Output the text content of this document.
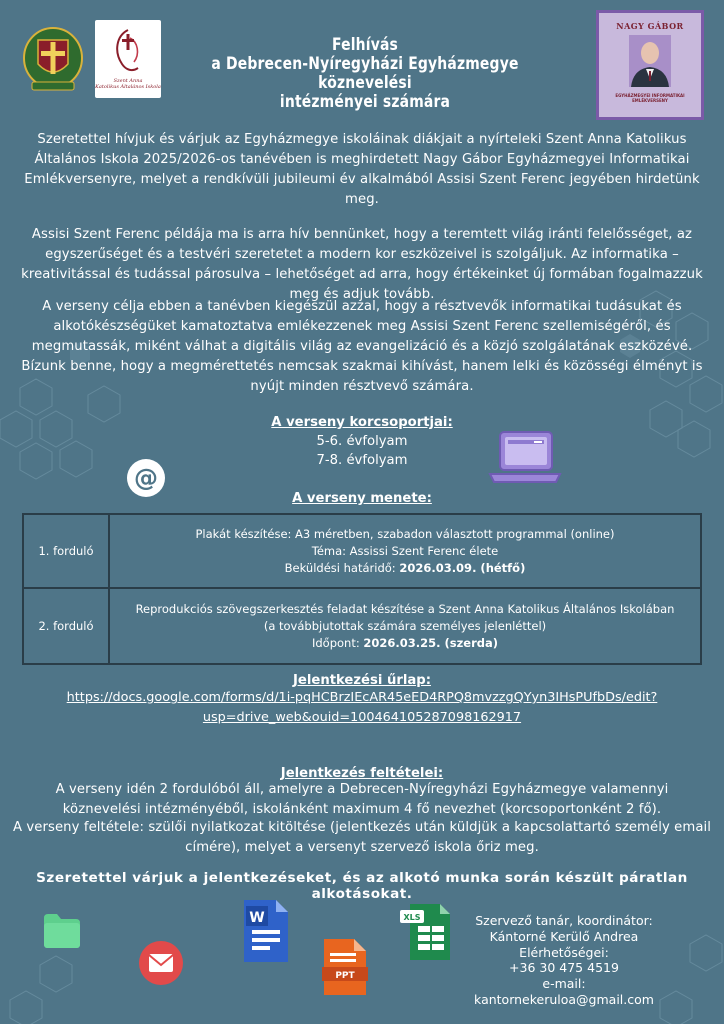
Szent Anna
Katolikus Általános Iskola
Felhívás
a Debrecen-Nyíregyházi Egyházmegye köznevelési
intézményei számára
NAGY GÁBOR
EGYHÁZMEGYEI INFORMATIKAI
EMLÉKVERSENY
Szeretettel hívjuk és várjuk az Egyházmegye iskoláinak diákjait a nyírteleki Szent Anna Katolikus Általános Iskola 2025/2026-os tanévében is meghirdetett Nagy Gábor Egyházmegyei Informatikai Emlékversenyre, melyet a rendkívüli jubileumi év alkalmából Assisi Szent Ferenc jegyében hirdetünk meg.
Assisi Szent Ferenc példája ma is arra hív bennünket, hogy a teremtett világ iránti felelősséget, az egyszerűséget és a testvéri szeretetet a modern kor eszközeivel is szolgáljuk. Az informatika – kreativitással és tudással párosulva – lehetőséget ad arra, hogy értékeinket új formában fogalmazzuk meg és adjuk tovább.
A verseny célja ebben a tanévben kiegészül azzal, hogy a résztvevők informatikai tudásukat és alkotókészségüket kamatoztatva emlékezzenek meg Assisi Szent Ferenc szellemiségéről, és megmutassák, miként válhat a digitális világ az evangelizáció és a közjó szolgálatának eszközévé. Bízunk benne, hogy a megmérettetés nemcsak szakmai kihívást, hanem lelki és közösségi élményt is nyújt minden résztvevő számára.
A verseny korcsoportjai:
5-6. évfolyam
7-8. évfolyam
@
A verseny menete:
1. forduló	Plakát készítése: A3 méretben, szabadon választott programmal (online)
Téma: Assissi Szent Ferenc élete
Beküldési határidő: 2026.03.09. (hétfő)

2. forduló	Reprodukciós szövegszerkesztés feladat készítése a Szent Anna Katolikus Általános Iskolában
(a továbbjutottak számára személyes jelenléttel)
Időpont: 2026.03.25. (szerda)
Jelentkezési űrlap:
https://docs.google.com/forms/d/1i-pqHCBrzIEcAR45eED4RPQ8mvzzgQYyn3IHsPUfbDs/edit?
usp=drive_web&ouid=100464105287098162917
Jelentkezés feltételei:
A verseny idén 2 fordulóból áll, amelyre a Debrecen-Nyíregyházi Egyházmegye valamennyi köznevelési intézményéből, iskolánként maximum 4 fő nevezhet (korcsoportonként 2 fő).
A verseny feltétele: szülői nyilatkozat kitöltése (jelentkezés után küldjük a kapcsolattartó személy email címére), melyet a versenyt szervező iskola őriz meg.
Szeretettel várjuk a jelentkezéseket, és az alkotó munka során készült páratlan alkotásokat.
W
PPT
XLS	Szervező tanár, koordinátor:
Kántorné Kerülő Andrea
Elérhetőségei:
+36 30 475 4519
e-mail:
kantornekeruloa@gmail.com
